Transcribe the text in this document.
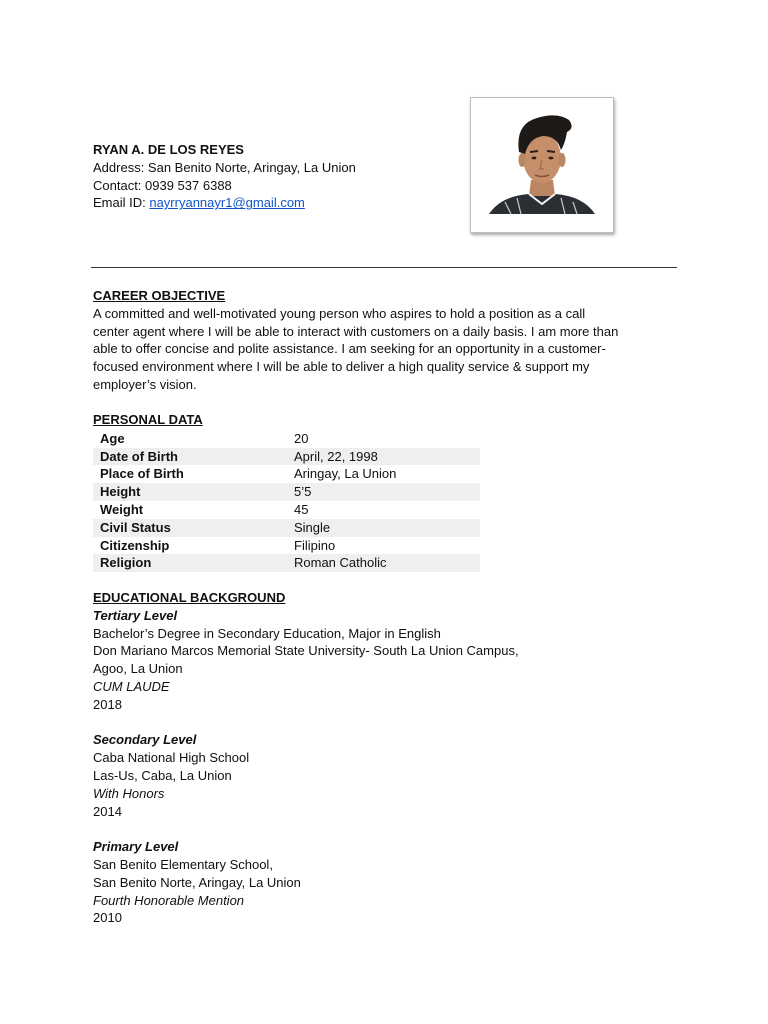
RYAN A. DE LOS REYES
Address: San Benito Norte, Aringay, La Union
Contact: 0939 537 6388
Email ID: nayrryannayr1@gmail.com
CAREER OBJECTIVE
A committed and well-motivated young person who aspires to hold a position as a call
center agent where I will be able to interact with customers on a daily basis. I am more than
able to offer concise and polite assistance. I am seeking for an opportunity in a customer-
focused environment where I will be able to deliver a high quality service & support my
employer’s vision.
PERSONAL DATA
Age	20
Date of Birth	April, 22, 1998
Place of Birth	Aringay, La Union
Height	5’5
Weight	45
Civil Status	Single
Citizenship	Filipino
Religion	Roman Catholic
EDUCATIONAL BACKGROUND
Tertiary Level
Bachelor’s Degree in Secondary Education, Major in English
Don Mariano Marcos Memorial State University- South La Union Campus,
Agoo, La Union
CUM LAUDE
2018
Secondary Level
Caba National High School
Las-Us, Caba, La Union
With Honors
2014
Primary Level
San Benito Elementary School,
San Benito Norte, Aringay, La Union
Fourth Honorable Mention
2010
